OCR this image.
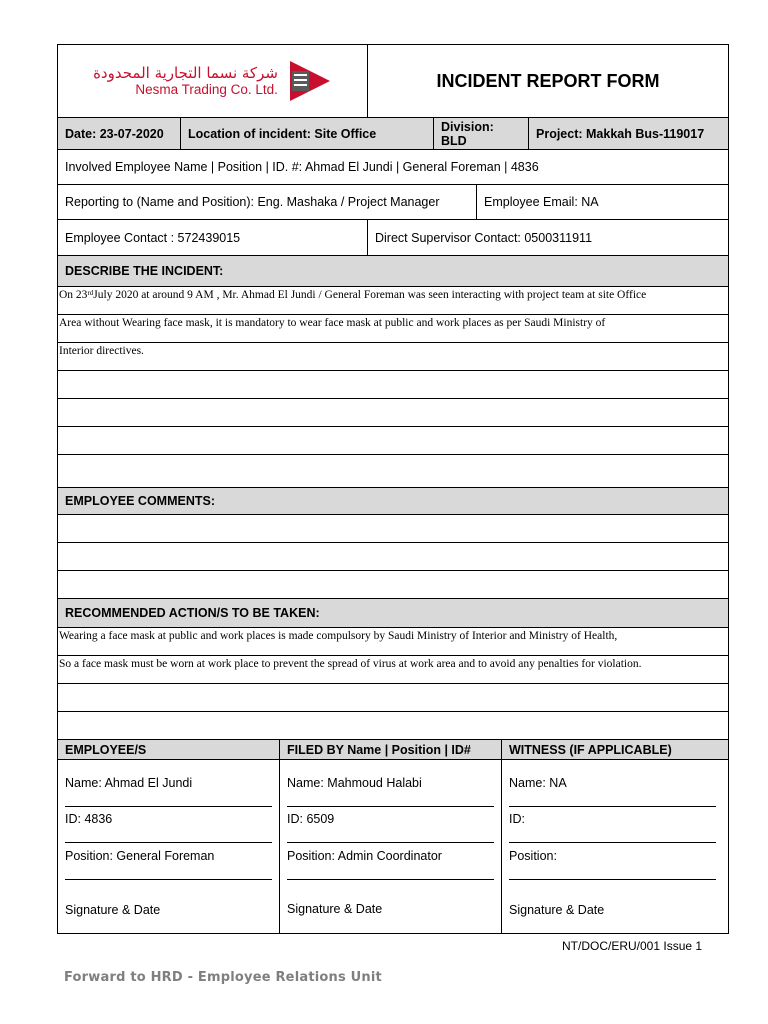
شركة نسما التجارية المحدودة
Nesma Trading Co. Ltd.	INCIDENT REPORT FORM
Date: 23-07-2020	Location of incident: Site Office	Division: BLD	Project: Makkah Bus-119017
Involved Employee Name | Position | ID. #: Ahmad El Jundi | General Foreman | 4836
Reporting to (Name and Position): Eng. Mashaka / Project Manager	Employee Email: NA
Employee Contact : 572439015	Direct Supervisor Contact: 0500311911
DESCRIBE THE INCIDENT:
On 23 rd July 2020 at around 9 AM , Mr. Ahmad El Jundi / General Foreman was seen interacting with project team at site Office
Area without Wearing face mask, it is mandatory to wear face mask at public and work places as per Saudi Ministry of
Interior directives.
EMPLOYEE COMMENTS:
RECOMMENDED ACTION/S TO BE TAKEN:
Wearing a face mask at public and work places is made compulsory by Saudi Ministry of Interior and Ministry of Health,
So a face mask must be worn at work place to prevent the spread of virus at work area and to avoid any penalties for violation.
EMPLOYEE/S	FILED BY Name | Position | ID#	WITNESS (IF APPLICABLE)
Name: Ahmad El Jundi
ID: 4836
Position: General Foreman
Signature & Date
Name: Mahmoud Halabi
ID: 6509
Position: Admin Coordinator
Signature & Date
Name: NA
ID:
Position:
Signature & Date
NT/DOC/ERU/001 Issue 1
Forward to HRD - Employee Relations Unit
